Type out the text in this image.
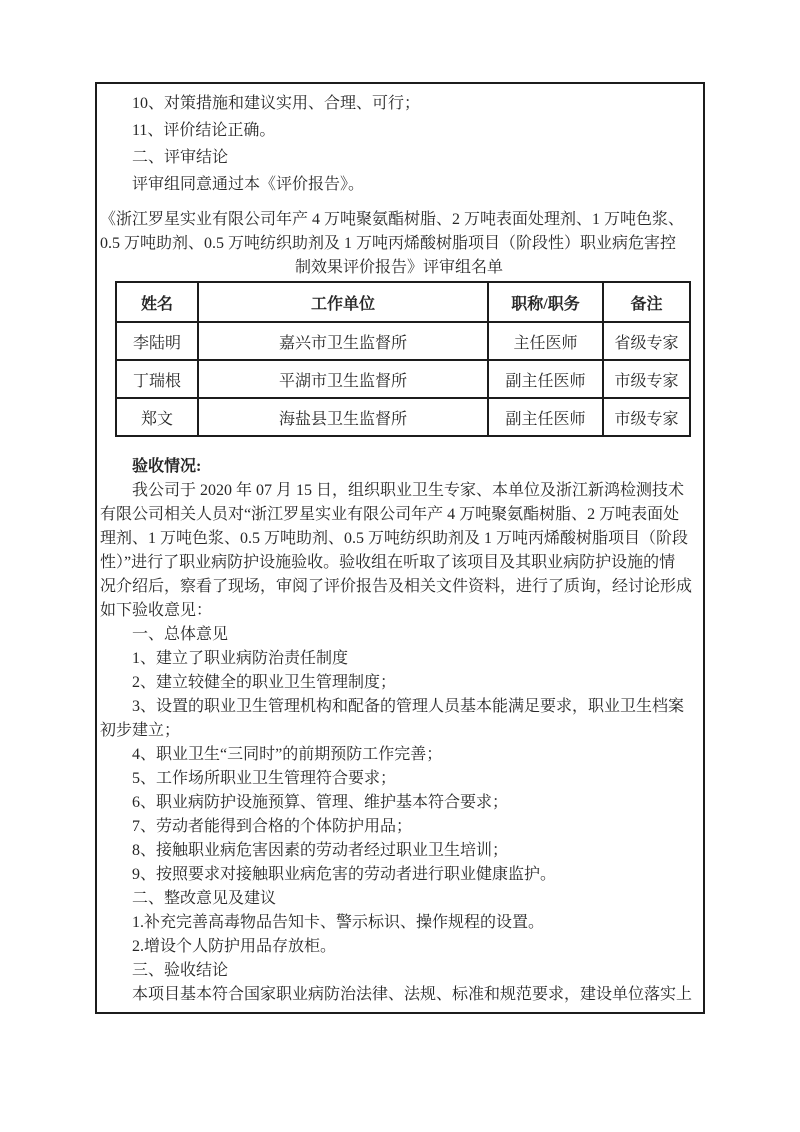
10、对策措施和建议实用、合理、可行；
11、评价结论正确。
二、评审结论
评审组同意通过本《评价报告》。
《浙江罗星实业有限公司年产 4 万吨聚氨酯树脂、2 万吨表面处理剂、1 万吨色浆、
0.5 万吨助剂、0.5 万吨纺织助剂及 1 万吨丙烯酸树脂项目（阶段性）职业病危害控
制效果评价报告》评审组名单
姓名	工作单位	职称/职务	备注
李陆明	嘉兴市卫生监督所	主任医师	省级专家
丁瑞根	平湖市卫生监督所	副主任医师	市级专家
郑文	海盐县卫生监督所	副主任医师	市级专家
验收情况:
我公司于 2020 年 07 月 15 日，组织职业卫生专家、本单位及浙江新鸿检测技术
有限公司相关人员对“浙江罗星实业有限公司年产 4 万吨聚氨酯树脂、2 万吨表面处
理剂、1 万吨色浆、0.5 万吨助剂、0.5 万吨纺织助剂及 1 万吨丙烯酸树脂项目（阶段
性）”进行了职业病防护设施验收。验收组在听取了该项目及其职业病防护设施的情
况介绍后，察看了现场，审阅了评价报告及相关文件资料，进行了质询，经讨论形成
如下验收意见：
一、总体意见
1、建立了职业病防治责任制度
2、建立较健全的职业卫生管理制度；
3、设置的职业卫生管理机构和配备的管理人员基本能满足要求，职业卫生档案
初步建立；
4、职业卫生“三同时”的前期预防工作完善；
5、工作场所职业卫生管理符合要求；
6、职业病防护设施预算、管理、维护基本符合要求；
7、劳动者能得到合格的个体防护用品；
8、接触职业病危害因素的劳动者经过职业卫生培训；
9、按照要求对接触职业病危害的劳动者进行职业健康监护。
二、整改意见及建议
1.补充完善高毒物品告知卡、警示标识、操作规程的设置。
2.增设个人防护用品存放柜。
三、验收结论
本项目基本符合国家职业病防治法律、法规、标准和规范要求，建设单位落实上
